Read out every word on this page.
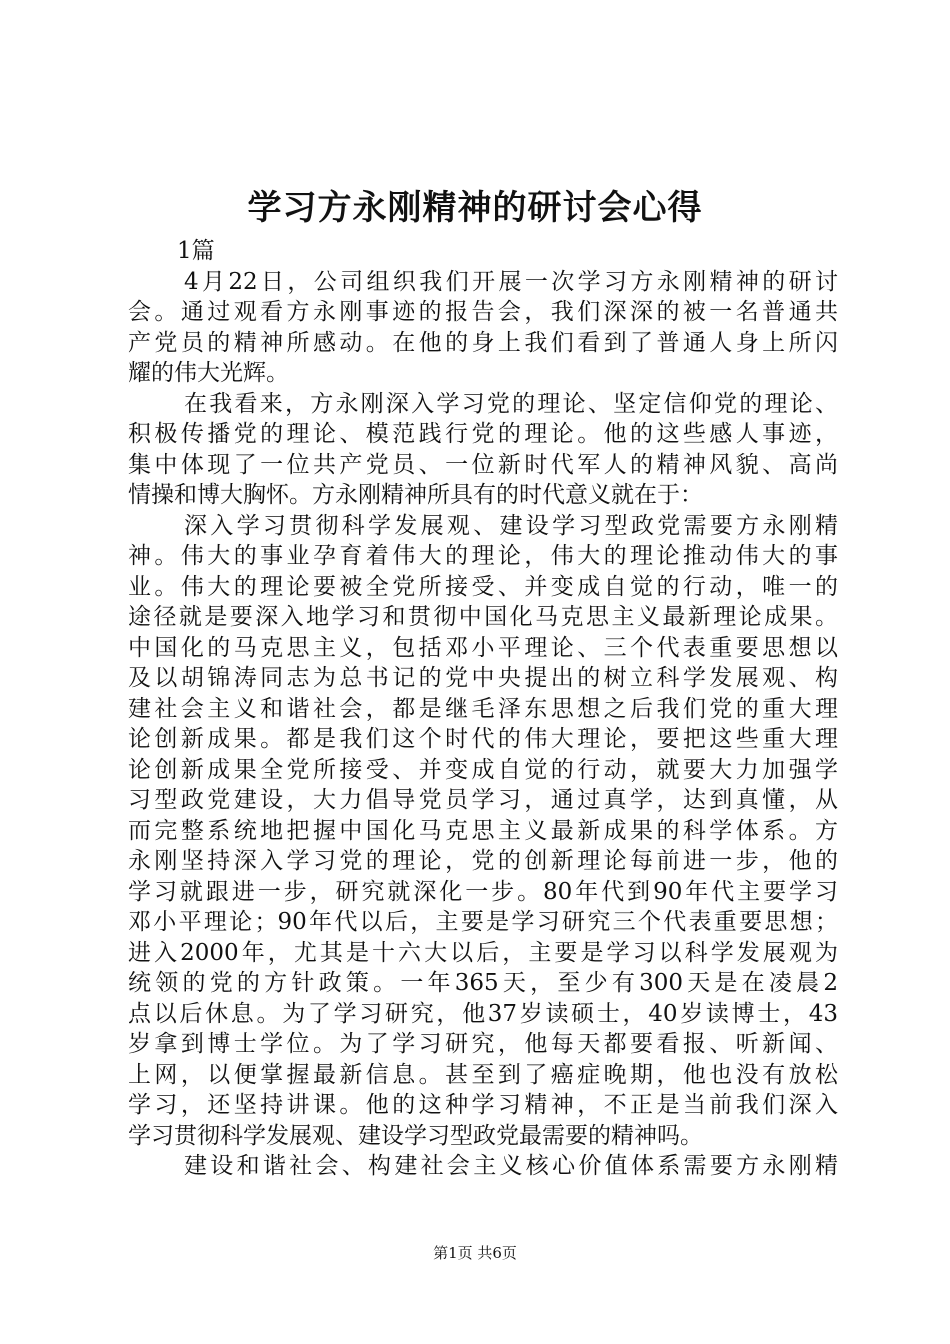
学习方永刚精神的研讨会心得
1篇
4月22日，公司组织我们开展一次学习方永刚精神的研讨
会。通过观看方永刚事迹的报告会，我们深深的被一名普通共
产党员的精神所感动。在他的身上我们看到了普通人身上所闪
耀的伟大光辉。
在我看来，方永刚深入学习党的理论、坚定信仰党的理论、
积极传播党的理论、模范践行党的理论。他的这些感人事迹，
集中体现了一位共产党员、一位新时代军人的精神风貌、高尚
情操和博大胸怀。方永刚精神所具有的时代意义就在于：
深入学习贯彻科学发展观、建设学习型政党需要方永刚精
神。伟大的事业孕育着伟大的理论，伟大的理论推动伟大的事
业。伟大的理论要被全党所接受、并变成自觉的行动，唯一的
途径就是要深入地学习和贯彻中国化马克思主义最新理论成果。
中国化的马克思主义，包括邓小平理论、三个代表重要思想以
及以胡锦涛同志为总书记的党中央提出的树立科学发展观、构
建社会主义和谐社会，都是继毛泽东思想之后我们党的重大理
论创新成果。都是我们这个时代的伟大理论，要把这些重大理
论创新成果全党所接受、并变成自觉的行动，就要大力加强学
习型政党建设，大力倡导党员学习，通过真学，达到真懂，从
而完整系统地把握中国化马克思主义最新成果的科学体系。方
永刚坚持深入学习党的理论，党的创新理论每前进一步，他的
学习就跟进一步，研究就深化一步。80年代到90年代主要学习
邓小平理论；90年代以后，主要是学习研究三个代表重要思想；
进入2000年，尤其是十六大以后，主要是学习以科学发展观为
统领的党的方针政策。一年365天，至少有300天是在凌晨2
点以后休息。为了学习研究，他37岁读硕士，40岁读博士，43
岁拿到博士学位。为了学习研究，他每天都要看报、听新闻、
上网，以便掌握最新信息。甚至到了癌症晚期，他也没有放松
学习，还坚持讲课。他的这种学习精神，不正是当前我们深入
学习贯彻科学发展观、建设学习型政党最需要的精神吗。
建设和谐社会、构建社会主义核心价值体系需要方永刚精
第1页 共6页
